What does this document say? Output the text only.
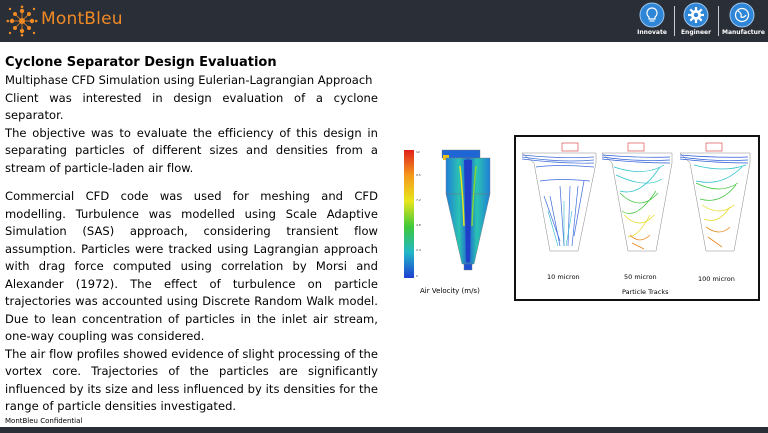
MontBleu
Innovate	Engineer	Manufacture
Cyclone Separator Design Evaluation
Multiphase CFD Simulation using Eulerian-Lagrangian Approach
Client was interested in design evaluation of a cyclone separator.
The objective was to evaluate the efficiency of this design in separating particles of different sizes and densities from a stream of particle-laden air flow.
Commercial CFD code was used for meshing and CFD modelling. Turbulence was modelled using Scale Adaptive Simulation (SAS) approach, considering transient flow assumption. Particles were tracked using Lagrangian approach with drag force computed using correlation by Morsi and Alexander (1972). The effect of turbulence on particle trajectories was accounted using Discrete Random Walk model. Due to lean concentration of particles in the inlet air stream, one-way coupling was considered.
The air flow profiles showed evidence of slight processing of the vortex core. Trajectories of the particles are significantly influenced by its size and less influenced by its densities for the range of particle densities investigated.
12
9.5
7.2
4.8
2.4
0
Air Velocity (m/s)
10 micron	50 micron	100 micron
Particle Tracks
MontBleu Confidential
